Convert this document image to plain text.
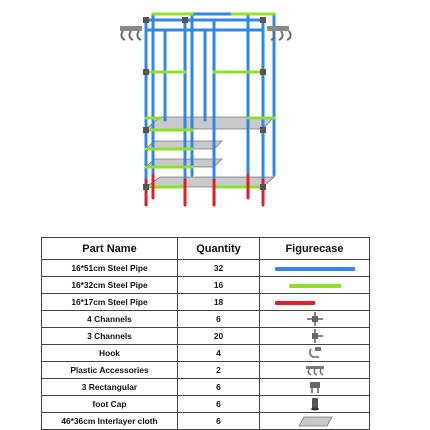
Part Name	Quantity	Figurecase
16*51cm Steel Pipe	32	
16*32cm Steel Pipe	16	
16*17cm Steel Pipe	18	
4 Channels	6	

3 Channels	20	

Hook	4	

Plastic Accessories	2	

3 Rectangular	6	

foot Cap	6	

46*36cm Interlayer cloth	6	
